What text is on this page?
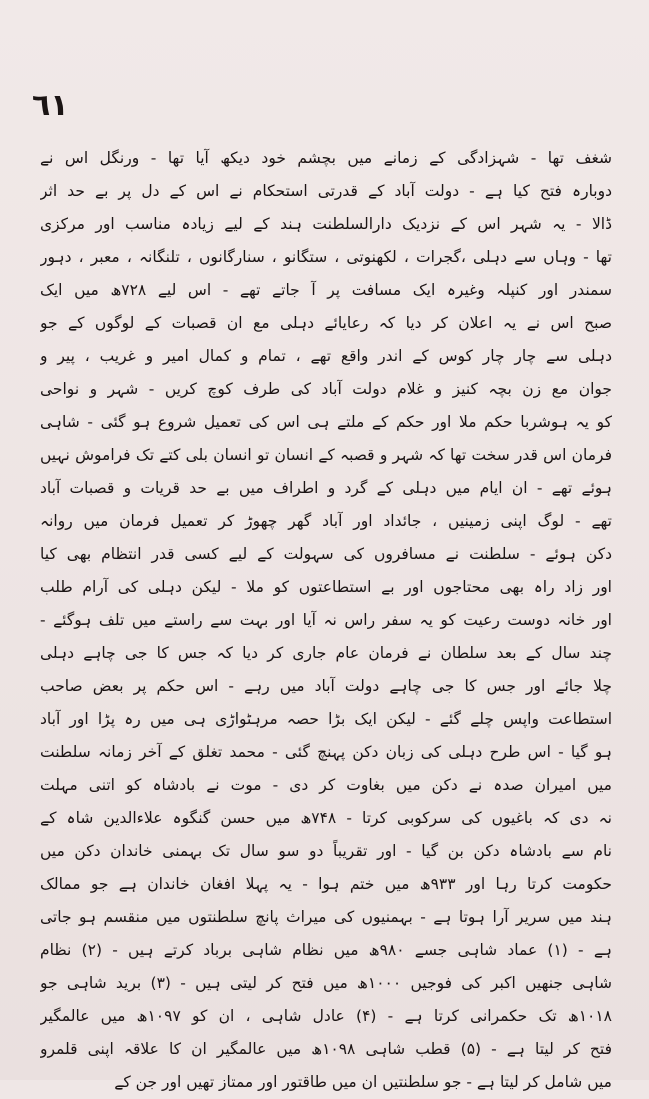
٦١
شغف تھا - شہزادگی کے زمانے میں بچشم خود دیکھ آیا تھا - ورنگل اس نے
دوبارہ فتح کیا ہے - دولت آباد کے قدرتی استحکام نے اس کے دل پر بے حد اثر
ڈالا - یہ شہر اس کے نزدیک دارالسلطنت ہند کے لیے زیادہ مناسب اور مرکزی
تھا - وہاں سے دہلی ،گجرات ، لکھنوتی ، ستگانو ، سنارگانوں ، تلنگانہ ، معبر ، دہور
سمندر اور کنپلہ وغیرہ ایک مسافت پر آ جاتے تھے - اس لیے ۷۲۸ھ میں ایک
صبح اس نے یہ اعلان کر دیا کہ رعایائے دہلی مع ان قصبات کے لوگوں کے جو
دہلی سے چار چار کوس کے اندر واقع تھے ، تمام و کمال امیر و غریب ، پیر و
جوان مع زن بچہ کنیز و غلام دولت آباد کی طرف کوچ کریں - شہر و نواحی
کو یہ ہوشربا حکم ملا اور حکم کے ملتے ہی اس کی تعمیل شروع ہو گئی - شاہی
فرمان اس قدر سخت تھا کہ شہر و قصبہ کے انسان تو انسان بلی کتے تک فراموش نہیں
ہوئے تھے - ان ایام میں دہلی کے گرد و اطراف میں بے حد قریات و قصبات آباد
تھے - لوگ اپنی زمینیں ، جائداد اور آباد گھر چھوڑ کر تعمیل فرمان میں روانہ
دکن ہوئے - سلطنت نے مسافروں کی سہولت کے لیے کسی قدر انتظام بھی کیا
اور زاد راہ بھی محتاجوں اور بے استطاعتوں کو ملا - لیکن دہلی کی آرام طلب
اور خانہ دوست رعیت کو یہ سفر راس نہ آیا اور بہت سے راستے میں تلف ہوگئے -
چند سال کے بعد سلطان نے فرمان عام جاری کر دیا کہ جس کا جی چاہے دہلی
چلا جائے اور جس کا جی چاہے دولت آباد میں رہے - اس حکم پر بعض صاحب
استطاعت واپس چلے گئے - لیکن ایک بڑا حصہ مرہٹواڑی ہی میں رہ پڑا اور آباد
ہو گیا - اس طرح دہلی کی زبان دکن پہنچ گئی - محمد تغلق کے آخر زمانہ سلطنت
میں امیران صدہ نے دکن میں بغاوت کر دی - موت نے بادشاہ کو اتنی مہلت
نہ دی کہ باغیوں کی سرکوبی کرتا - ۷۴۸ھ میں حسن گنگوہ علاءالدین شاہ کے
نام سے بادشاہ دکن بن گیا - اور تقریباً دو سو سال تک بہمنی خاندان دکن میں
حکومت کرتا رہا اور ۹۳۳ھ میں ختم ہوا - یہ پہلا افغان خاندان ہے جو ممالک
ہند میں سریر آرا ہوتا ہے - بہمنیوں کی میراث پانچ سلطنتوں میں منقسم ہو جاتی
ہے - (۱) عماد شاہی جسے ۹۸۰ھ میں نظام شاہی برباد کرتے ہیں - (۲) نظام
شاہی جنھیں اکبر کی فوجیں ۱۰۰۰ھ میں فتح کر لیتی ہیں - (۳) برید شاہی جو
۱۰۱۸ھ تک حکمرانی کرتا ہے - (۴) عادل شاہی ، ان کو ۱۰۹۷ھ میں عالمگیر
فتح کر لیتا ہے - (۵) قطب شاہی ۱۰۹۸ھ میں عالمگیر ان کا علاقہ اپنی قلمرو
میں شامل کر لیتا ہے - جو سلطنتیں ان میں طاقتور اور ممتاز تھیں اور جن کے
